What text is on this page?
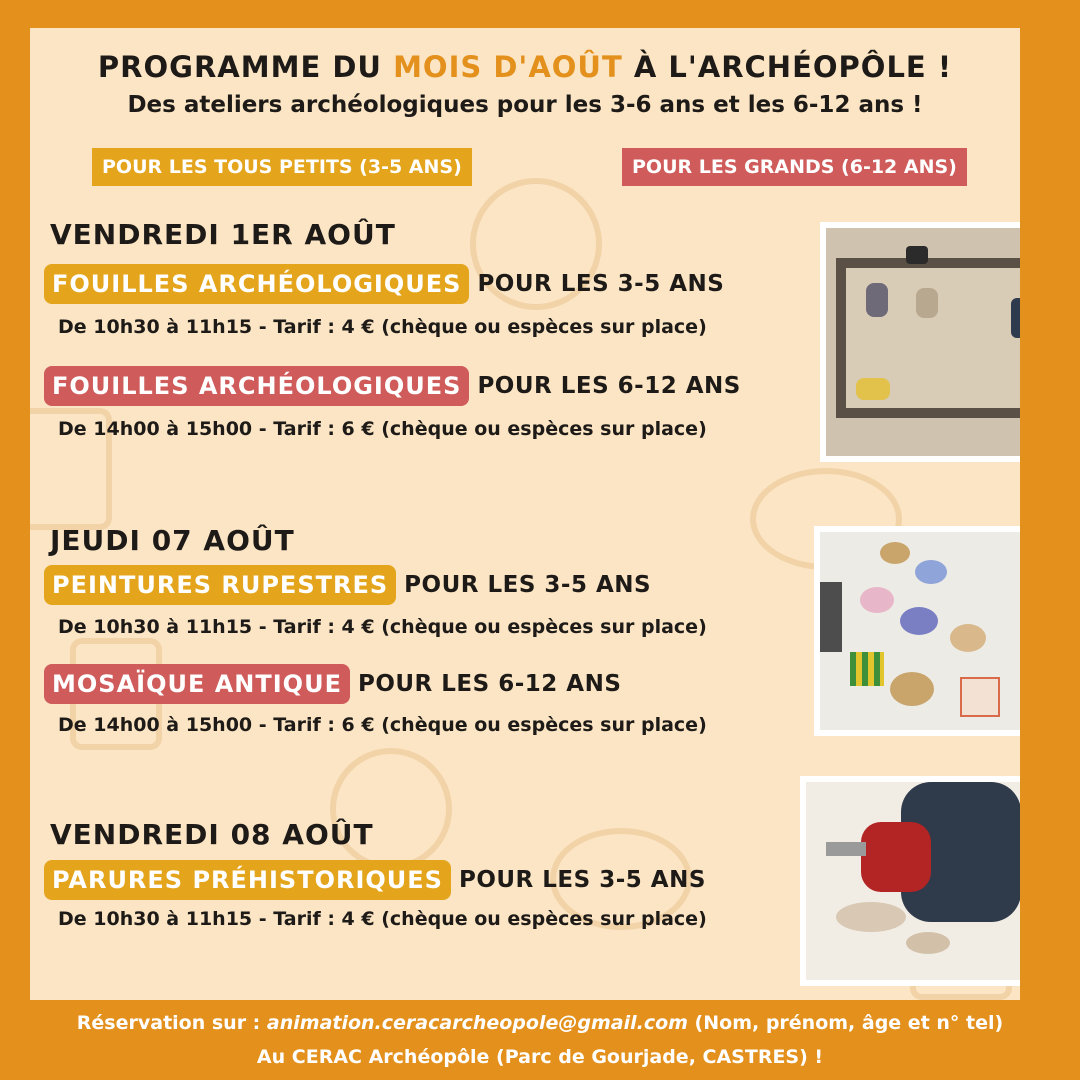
PROGRAMME DU MOIS D'AOÛT À L'ARCHÉOPÔLE !
Des ateliers archéologiques pour les 3-6 ans et les 6-12 ans !
POUR LES TOUS PETITS (3-5 ANS)	POUR LES GRANDS (6-12 ANS)
VENDREDI 1ER AOÛT
FOUILLES ARCHÉOLOGIQUES POUR LES 3-5 ANS
De 10h30 à 11h15 - Tarif : 4 € (chèque ou espèces sur place)
FOUILLES ARCHÉOLOGIQUES POUR LES 6-12 ANS
De 14h00 à 15h00 - Tarif : 6 € (chèque ou espèces sur place)
JEUDI 07 AOÛT
PEINTURES RUPESTRES POUR LES 3-5 ANS
De 10h30 à 11h15 - Tarif : 4 € (chèque ou espèces sur place)
MOSAÏQUE ANTIQUE POUR LES 6-12 ANS
De 14h00 à 15h00 - Tarif : 6 € (chèque ou espèces sur place)
VENDREDI 08 AOÛT
PARURES PRÉHISTORIQUES POUR LES 3-5 ANS
De 10h30 à 11h15 - Tarif : 4 € (chèque ou espèces sur place)
Réservation sur : animation.ceracarcheopole@gmail.com (Nom, prénom, âge et n° tel)
Au CERAC Archéopôle (Parc de Gourjade, CASTRES) !
